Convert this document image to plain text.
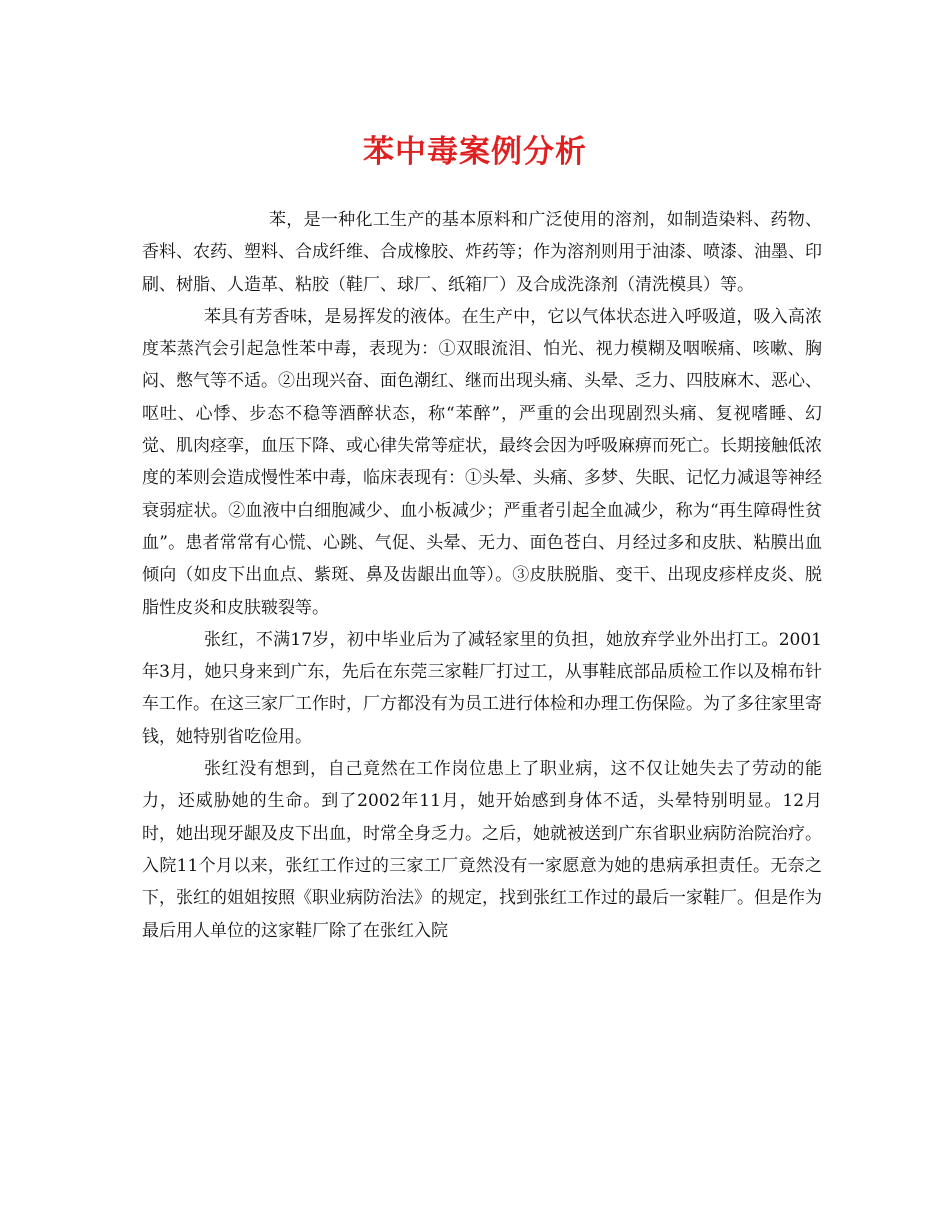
苯中毒案例分析

苯，是一种化工生产的基本原料和广泛使用的溶剂，如制造染料、药物、香料、农药、塑料、合成纤维、合成橡胶、炸药等；作为溶剂则用于油漆、喷漆、油墨、印刷、树脂、人造革、粘胶（鞋厂、球厂、纸箱厂）及合成洗涤剂（清洗模具）等。

苯具有芳香味，是易挥发的液体。在生产中，它以气体状态进入呼吸道，吸入高浓度苯蒸汽会引起急性苯中毒，表现为：①双眼流泪、怕光、视力模糊及咽喉痛、咳嗽、胸闷、憋气等不适。②出现兴奋、面色潮红、继而出现头痛、头晕、乏力、四肢麻木、恶心、呕吐、心悸、步态不稳等酒醉状态，称“苯醉”，严重的会出现剧烈头痛、复视嗜睡、幻觉、肌肉痉挛，血压下降、或心律失常等症状，最终会因为呼吸麻痹而死亡。长期接触低浓度的苯则会造成慢性苯中毒，临床表现有：①头晕、头痛、多梦、失眠、记忆力减退等神经衰弱症状。②血液中白细胞减少、血小板减少；严重者引起全血减少，称为“再生障碍性贫血”。患者常常有心慌、心跳、气促、头晕、无力、面色苍白、月经过多和皮肤、粘膜出血倾向（如皮下出血点、紫斑、鼻及齿龈出血等）。③皮肤脱脂、变干、出现皮疹样皮炎、脱脂性皮炎和皮肤皲裂等。

张红，不满17岁，初中毕业后为了减轻家里的负担，她放弃学业外出打工。2001年3月，她只身来到广东，先后在东莞三家鞋厂打过工，从事鞋底部品质检工作以及棉布针车工作。在这三家厂工作时，厂方都没有为员工进行体检和办理工伤保险。为了多往家里寄钱，她特别省吃俭用。

张红没有想到，自己竟然在工作岗位患上了职业病，这不仅让她失去了劳动的能力，还威胁她的生命。到了2002年11月，她开始感到身体不适，头晕特别明显。12月时，她出现牙龈及皮下出血，时常全身乏力。之后，她就被送到广东省职业病防治院治疗。入院11个月以来，张红工作过的三家工厂竟然没有一家愿意为她的患病承担责任。无奈之下，张红的姐姐按照《职业病防治法》的规定，找到张红工作过的最后一家鞋厂。但是作为最后用人单位的这家鞋厂除了在张红入院
